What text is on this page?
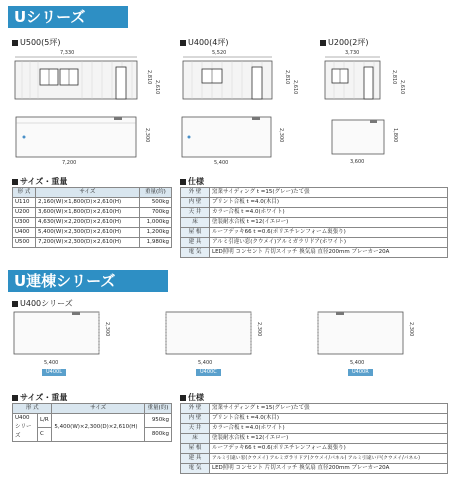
Uシリーズ
U500(5坪)	U400(4坪)	U200(2坪)
7,330
2,810
2,610
2,300
7,200
5,520
2,810
2,610
2,300
5,400
3,730
2,810
2,610
1,800
3,600
サイズ・重量
形 式	サイズ	重量(約)
U110	2,160(W)×1,800(D)×2,610(H)	500kg
U200	3,600(W)×1,800(D)×2,610(H)	700kg
U300	4,630(W)×2,200(D)×2,610(H)	1,000kg
U400	5,400(W)×2,300(D)×2,610(H)	1,200kg
U500	7,200(W)×2,300(D)×2,610(H)	1,980kg
仕様
外 壁	窯業サイディング t =15(グレー)たて張
内 壁	プリント合板 t =4.0(木目)
天 井	カラー合板 t =4.0(ホワイト)
床	塗装耐水合板 t =12(イエロー)
屋 根	ルーフデッキ66 t =0.6(ポリエチレンフォーム裏張り)
建 具	アルミ引違い窓(クウメイ)アルミガラリドア(ホワイト)
電 気	LED照明 コンセント 片切スイッチ 換気扇 直径200mm ブレーカー20A
U連棟シリーズ
U400シリーズ
2,300
5,400
U400L
2,300
5,400
U400C
2,300
5,400
U400R
サイズ・重量
形 式		サイズ	重量(約)
U400 シリーズ	L/R	5,400(W)×2,300(D)×2,610(H)	950kg
	C		800kg
仕様
外 壁	窯業サイディング t =15(グレー)たて張
内 壁	プリント合板 t =4.0(木目)
天 井	カラー合板 t =4.0(ホワイト)
床	塗装耐水合板 t =12(イエロー)
屋 根	ルーフデッキ66 t =0.6(ポリエチレンフォーム裏張り)
建 具	アルミ引違い窓(クウメイ) アルミガラリドア(クウメイ/パネル) アルミ引違い戸(クウメイ/パネル)
電 気	LED照明 コンセント 片切スイッチ 換気扇 直径200mm ブレーカー20A
